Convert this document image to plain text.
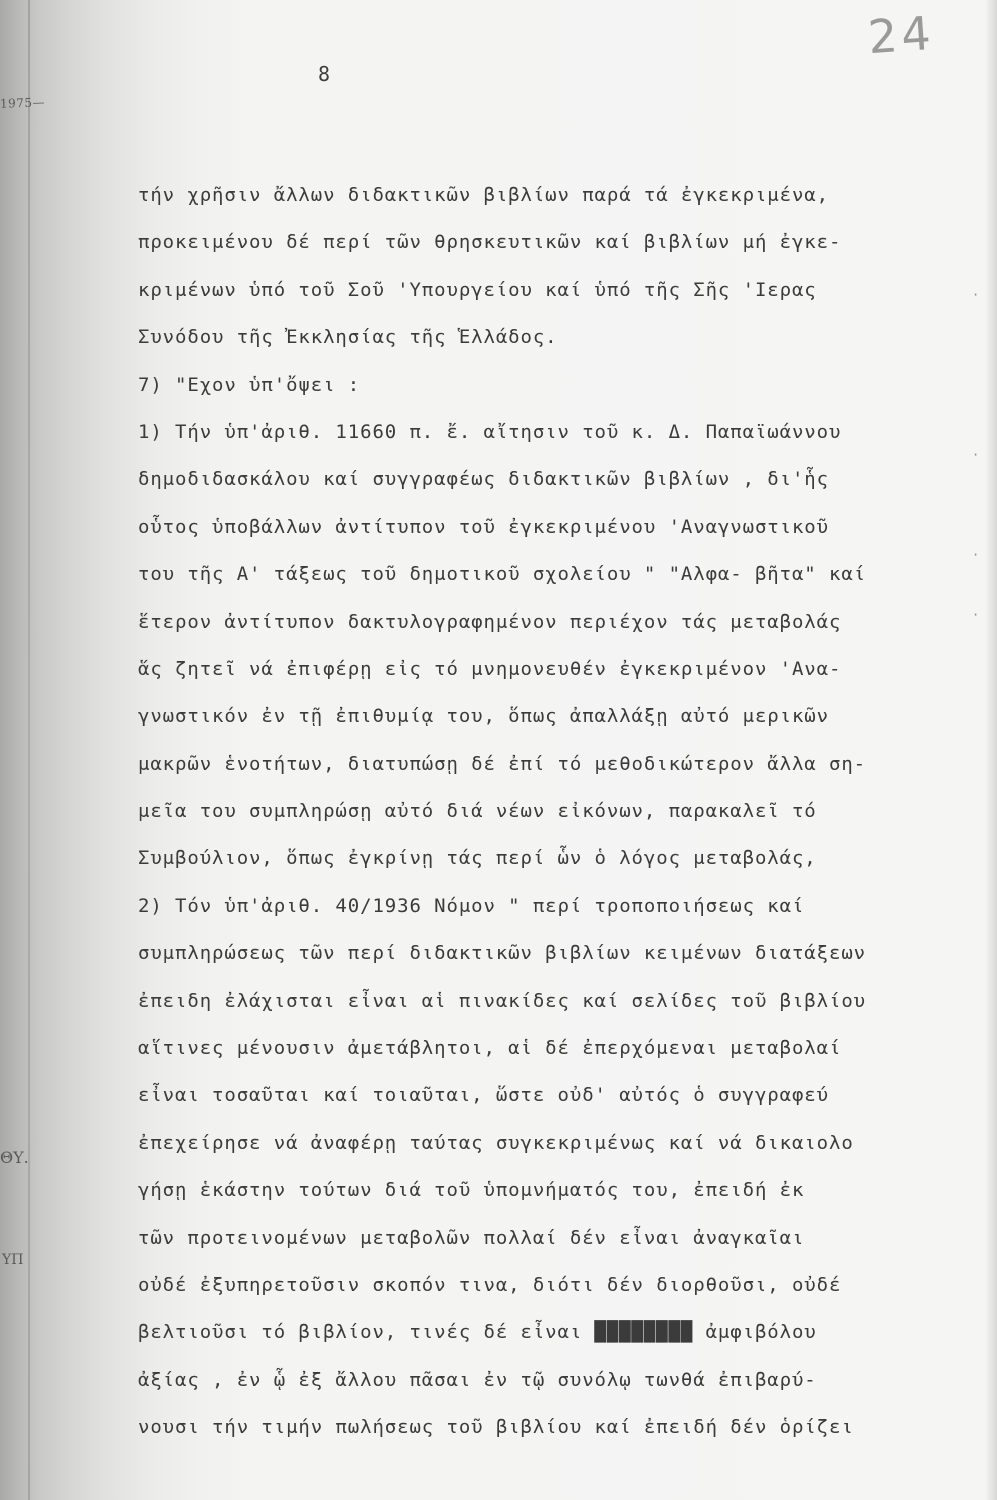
1975—
ΘΥ.
ΥΠ
24
8
·
·
·
·
τήν χρῆσιν ἄλλων διδακτικῶν βιβλίων παρά τά ἐγκεκριμένα,
προκειμένου δέ περί τῶν θρησκευτικῶν καί βιβλίων μή ἐγκε-
κριμένων ὑπό τοῦ Σοῦ 'Υπουργείου καί ὑπό τῆς Σῆς 'Ιερας
Συνόδου τῆς Ἐκκλησίας τῆς Ἑλλάδος.
7) "Εχον ὑπ'ὄψει :
1) Τήν ὑπ'ἀριθ. 11660 π. ἔ. αἴτησιν τοῦ κ. Δ. Παπαϊωάννου
δημοδιδασκάλου καί συγγραφέως διδακτικῶν βιβλίων , δι'ἧς
οὗτος ὑποβάλλων ἀντίτυπον τοῦ ἐγκεκριμένου 'Αναγνωστικοῦ
του τῆς Α' τάξεως τοῦ δημοτικοῦ σχολείου " "Αλφα- βῆτα" καί
ἕτερον ἀντίτυπον δακτυλογραφημένον περιέχον τάς μεταβολάς
ἅς ζητεῖ νά ἐπιφέρῃ εἰς τό μνημονευθέν ἐγκεκριμένον 'Ανα-
γνωστικόν ἐν τῇ ἐπιθυμίᾳ του, ὅπως ἀπαλλάξῃ αὐτό μερικῶν
μακρῶν ἑνοτήτων, διατυπώσῃ δέ ἐπί τό μεθοδικώτερον ἄλλα ση-
μεῖα του συμπληρώσῃ αὐτό διά νέων εἰκόνων, παρακαλεῖ τό
Συμβούλιον, ὅπως ἐγκρίνῃ τάς περί ὧν ὁ λόγος μεταβολάς,
2) Τόν ὑπ'ἀριθ. 40/1936 Νόμον " περί τροποποιήσεως καί
συμπληρώσεως τῶν περί διδακτικῶν βιβλίων κειμένων διατάξεων
ἐπειδη ἐλάχισται εἶναι αἱ πινακίδες καί σελίδες τοῦ βιβλίου
αἵτινες μένουσιν ἀμετάβλητοι, αἱ δέ ἐπερχόμεναι μεταβολαί
εἶναι τοσαῦται καί τοιαῦται, ὥστε οὐδ' αὐτός ὁ συγγραφεύ
ἐπεχείρησε νά ἀναφέρῃ ταύτας συγκεκριμένως καί νά δικαιολο
γήσῃ ἑκάστην τούτων διά τοῦ ὑπομνήματός του, ἐπειδή ἐκ
τῶν προτεινομένων μεταβολῶν πολλαί δέν εἶναι ἀναγκαῖαι
οὐδέ ἐξυπηρετοῦσιν σκοπόν τινα, διότι δέν διορθοῦσι, οὐδέ
βελτιοῦσι τό βιβλίον, τινές δέ εἶναι ████████ ἀμφιβόλου
ἀξίας , ἐν ᾧ ἐξ ἄλλου πᾶσαι ἐν τῷ συνόλῳ τωνθά ἐπιβαρύ-
νουσι τήν τιμήν πωλήσεως τοῦ βιβλίου καί ἐπειδή δέν ὁρίζει
